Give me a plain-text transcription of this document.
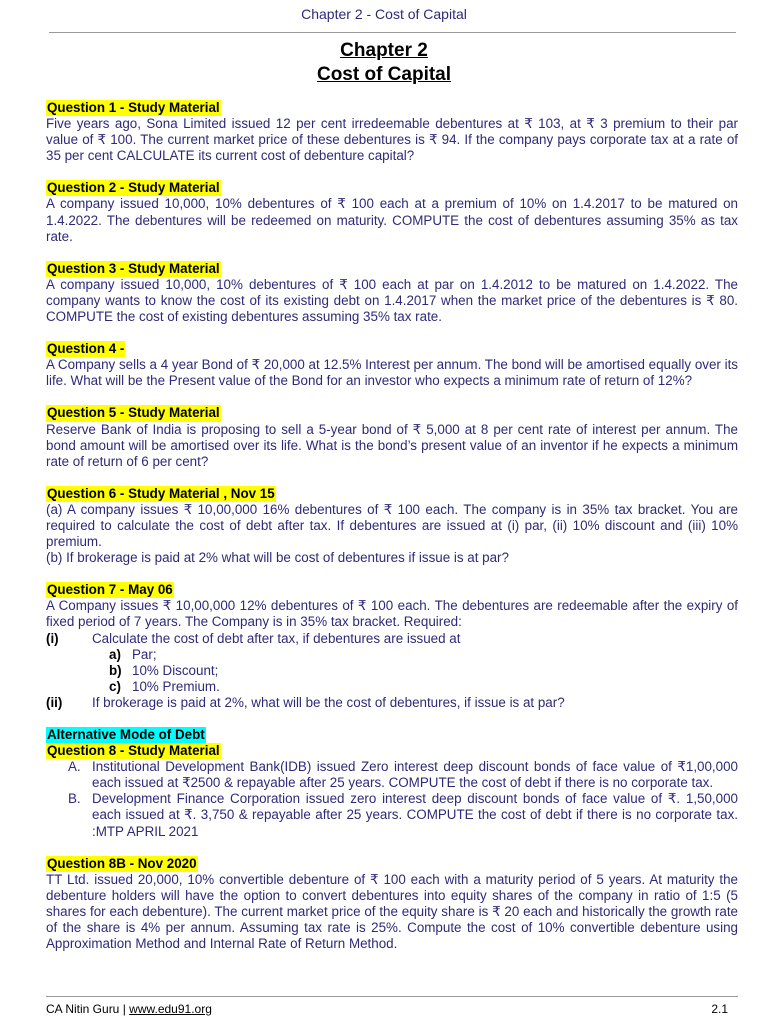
Chapter 2 - Cost of Capital
Chapter 2
Cost of Capital
Question 1 - Study Material
Five years ago, Sona Limited issued 12 per cent irredeemable debentures at ₹ 103, at ₹ 3 premium to their par value of ₹ 100. The current market price of these debentures is ₹ 94. If the company pays corporate tax at a rate of 35 per cent CALCULATE its current cost of debenture capital?
Question 2 - Study Material
A company issued 10,000, 10% debentures of ₹ 100 each at a premium of 10% on 1.4.2017 to be matured on 1.4.2022. The debentures will be redeemed on maturity. COMPUTE the cost of debentures assuming 35% as tax rate.
Question 3 - Study Material
A company issued 10,000, 10% debentures of ₹ 100 each at par on 1.4.2012 to be matured on 1.4.2022. The company wants to know the cost of its existing debt on 1.4.2017 when the market price of the debentures is ₹ 80. COMPUTE the cost of existing debentures assuming 35% tax rate.
Question 4 -
A Company sells a 4 year Bond of ₹ 20,000 at 12.5% Interest per annum. The bond will be amortised equally over its life. What will be the Present value of the Bond for an investor who expects a minimum rate of return of 12%?
Question 5 - Study Material
Reserve Bank of India is proposing to sell a 5-year bond of ₹ 5,000 at 8 per cent rate of interest per annum. The bond amount will be amortised over its life. What is the bond’s present value of an inventor if he expects a minimum rate of return of 6 per cent?
Question 6 - Study Material , Nov 15
(a) A company issues ₹ 10,00,000 16% debentures of ₹ 100 each. The company is in 35% tax bracket. You are required to calculate the cost of debt after tax. If debentures are issued at (i) par, (ii) 10% discount and (iii) 10% premium.
(b) If brokerage is paid at 2% what will be cost of debentures if issue is at par?
Question 7 - May 06
A Company issues ₹ 10,00,000 12% debentures of ₹ 100 each. The debentures are redeemable after the expiry of fixed period of 7 years. The Company is in 35% tax bracket. Required:
(i)	Calculate the cost of debt after tax, if debentures are issued at
a) Par;
b) 10% Discount;
c) 10% Premium.
(ii)	If brokerage is paid at 2%, what will be the cost of debentures, if issue is at par?
Alternative Mode of Debt
Question 8 - Study Material
A. Institutional Development Bank(IDB) issued Zero interest deep discount bonds of face value of ₹1,00,000 each issued at ₹2500 & repayable after 25 years. COMPUTE the cost of debt if there is no corporate tax.
B. Development Finance Corporation issued zero interest deep discount bonds of face value of ₹. 1,50,000 each issued at ₹. 3,750 & repayable after 25 years. COMPUTE the cost of debt if there is no corporate tax. :MTP APRIL 2021
Question 8B - Nov 2020
TT Ltd. issued 20,000, 10% convertible debenture of ₹ 100 each with a maturity period of 5 years. At maturity the debenture holders will have the option to convert debentures into equity shares of the company in ratio of 1:5 (5 shares for each debenture). The current market price of the equity share is ₹ 20 each and historically the growth rate of the share is 4% per annum. Assuming tax rate is 25%. Compute the cost of 10% convertible debenture using Approximation Method and Internal Rate of Return Method.
CA Nitin Guru | www.edu91.org	2.1
